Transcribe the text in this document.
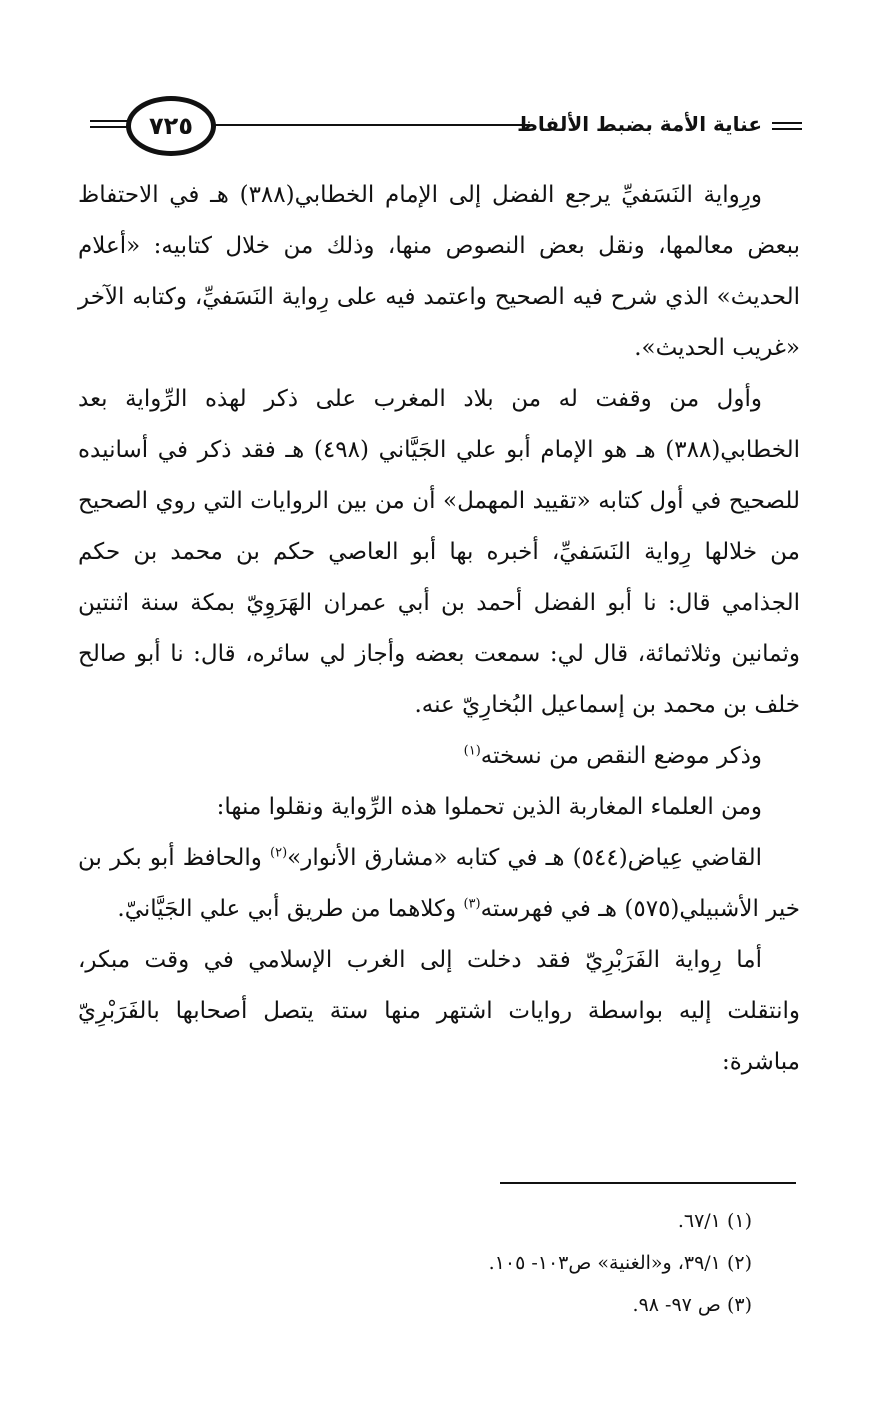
٧٢٥	عناية الأمة بضبط الألفاظ

ورِواية النَسَفيِّ يرجع الفضل إلى الإمام الخطابي(٣٨٨) هـ في الاحتفاظ ببعض معالمها، ونقل بعض النصوص منها، وذلك من خلال كتابيه: «أعلام الحديث» الذي شرح فيه الصحيح واعتمد فيه على رِواية النَسَفيِّ، وكتابه الآخر «غريب الحديث».

وأول من وقفت له من بلاد المغرب على ذكر لهذه الرِّواية بعد الخطابي(٣٨٨) هـ هو الإمام أبو علي الجَيَّاني (٤٩٨) هـ فقد ذكر في أسانيده للصحيح في أول كتابه «تقييد المهمل» أن من بين الروايات التي روي الصحيح من خلالها رِواية النَسَفيِّ، أخبره بها أبو العاصي حكم بن محمد بن حكم الجذامي قال: نا أبو الفضل أحمد بن أبي عمران الهَرَوِيّ بمكة سنة اثنتين وثمانين وثلاثمائة، قال لي: سمعت بعضه وأجاز لي سائره، قال: نا أبو صالح خلف بن محمد بن إسماعيل البُخارِيّ عنه.

وذكر موضع النقص من نسخته$^{(١)}$

ومن العلماء المغاربة الذين تحملوا هذه الرِّواية ونقلوا منها:

القاضي عِياض(٥٤٤) هـ في كتابه «مشارق الأنوار»$^{(٢)}$ والحافظ أبو بكر بن خير الأشبيلي(٥٧٥) هـ في فهرسته$^{(٣)}$ وكلاهما من طريق أبي علي الجَيَّانيّ.

أما رِواية الفَرَبْرِيّ فقد دخلت إلى الغرب الإسلامي في وقت مبكر، وانتقلت إليه بواسطة روايات اشتهر منها ستة يتصل أصحابها بالفَرَبْرِيّ مباشرة:

(١) ٦٧/١.

(٢) ٣٩/١، و«الغنية» ص١٠٣- ١٠٥.

(٣) ص ٩٧- ٩٨.
